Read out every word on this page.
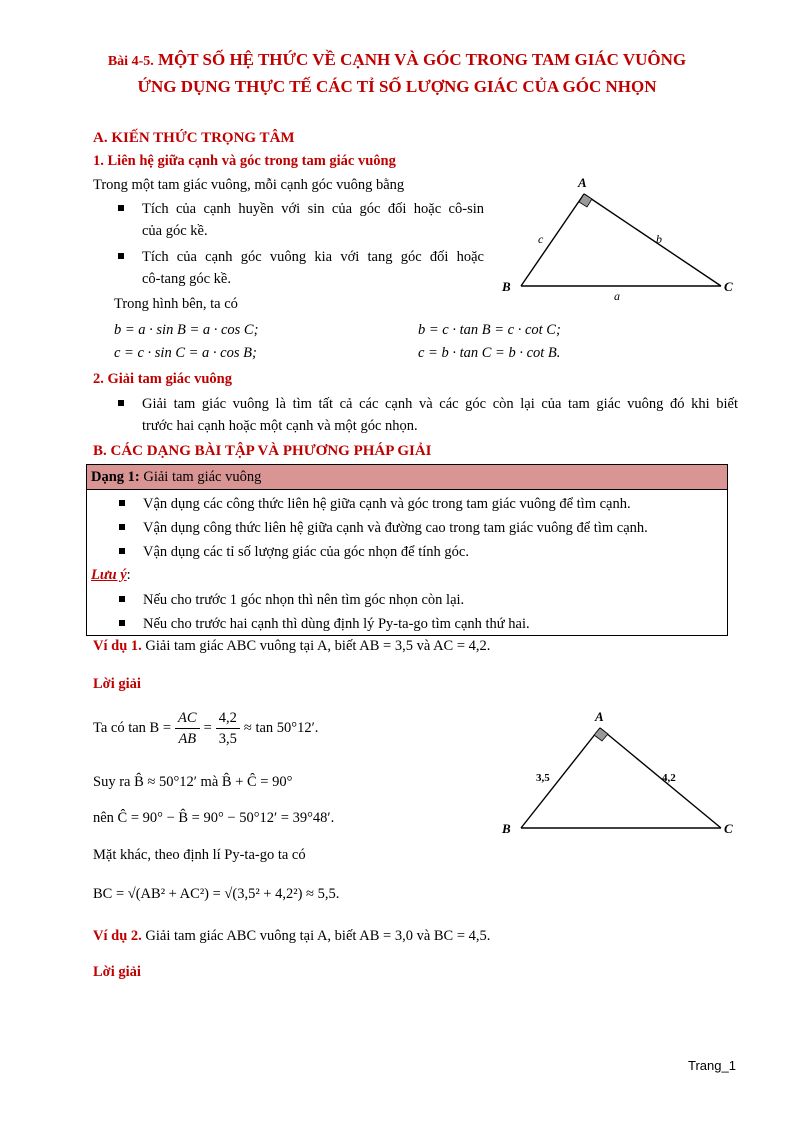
Bài 4-5. MỘT SỐ HỆ THỨC VỀ CẠNH VÀ GÓC TRONG TAM GIÁC VUÔNG
ỨNG DỤNG THỰC TẾ CÁC TỈ SỐ LƯỢNG GIÁC CỦA GÓC NHỌN
A. KIẾN THỨC TRỌNG TÂM
1. Liên hệ giữa cạnh và góc trong tam giác vuông
Trong một tam giác vuông, mỗi cạnh góc vuông bằng
Tích của cạnh huyền với sin của góc đối hoặc cô-sin
của góc kề.
Tích của cạnh góc vuông kia với tang góc đối hoặc
cô-tang góc kề.
Trong hình bên, ta có
b = a · sin B = a · cos C;	b = c · tan B = c · cot C;
c = c · sin C = a · cos B;	c = b · tan C = b · cot B.
A
B	C
c	b
a
2. Giải tam giác vuông
Giải tam giác vuông là tìm tất cả các cạnh và các góc còn lại của tam giác vuông đó khi biết
trước hai cạnh hoặc một cạnh và một góc nhọn.
B. CÁC DẠNG BÀI TẬP VÀ PHƯƠNG PHÁP GIẢI
Dạng 1: Giải tam giác vuông
Vận dụng các công thức liên hệ giữa cạnh và góc trong tam giác vuông để tìm cạnh.
Vận dụng công thức liên hệ giữa cạnh và đường cao trong tam giác vuông để tìm cạnh.
Vận dụng các tỉ số lượng giác của góc nhọn để tính góc.
Lưu ý:
Nếu cho trước 1 góc nhọn thì nên tìm góc nhọn còn lại.
Nếu cho trước hai cạnh thì dùng định lý Py-ta-go tìm cạnh thứ hai.
Ví dụ 1. Giải tam giác ABC vuông tại A, biết AB = 3,5 và AC = 4,2.
Lời giải
Ta có $\tan B = \frac{AC}{AB} = \frac{4,2}{3,5} \approx \tan 50^\circ 12'$.
Suy ra B̂ ≈ 50°12′ mà B̂ + Ĉ = 90°
nên Ĉ = 90° − B̂ = 90° − 50°12′ = 39°48′.
Mặt khác, theo định lí Py-ta-go ta có
BC = √(AB² + AC²) = √(3,5² + 4,2²) ≈ 5,5.
A
B	C
3,5	4,2
Ví dụ 2. Giải tam giác ABC vuông tại A, biết AB = 3,0 và BC = 4,5.
Lời giải
Trang_1
